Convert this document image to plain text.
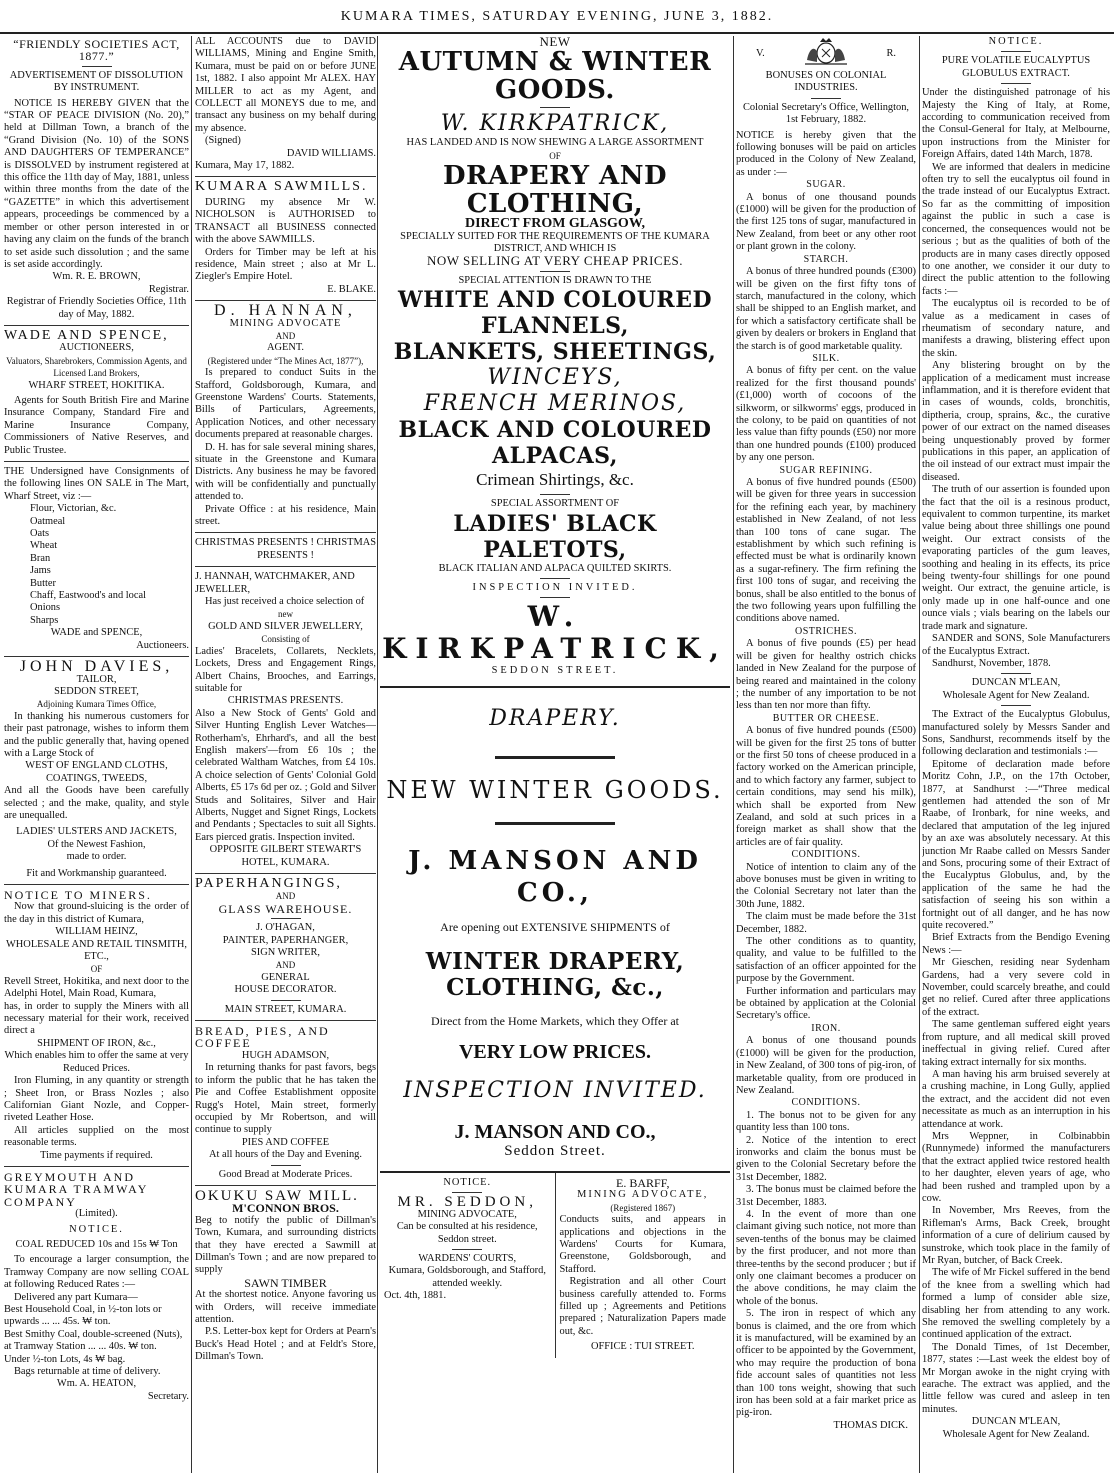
KUMARA TIMES, SATURDAY EVENING, JUNE 3, 1882.
“FRIENDLY SOCIETIES ACT, 1877.”
ADVERTISEMENT OF DISSOLUTION BY INSTRUMENT.
NOTICE IS HEREBY GIVEN that the “STAR OF PEACE DIVISION (No. 20),” held at Dillman Town, a branch of the “Grand Division (No. 10) of the SONS AND DAUGHTERS OF TEMPERANCE” is DISSOLVED by instrument registered at this office the 11th day of May, 1881, unless within three months from the date of the “GAZETTE” in which this advertisement appears, proceedings be commenced by a member or other person interested in or having any claim on the funds of the branch to set aside such dissolution ; and the same is set aside accordingly.
Wm. R. E. BROWN,
Registrar.
Registrar of Friendly Societies Office, 11th day of May, 1882.
WADE AND SPENCE,
AUCTIONEERS,
Valuators, Sharebrokers, Commission Agents, and
Licensed Land Brokers,
WHARF STREET, HOKITIKA.
Agents for South British Fire and Marine Insurance Company, Standard Fire and Marine Insurance Company, Commissioners of Native Reserves, and Public Trustee.
THE Undersigned have Consignments of the following lines ON SALE in The Mart, Wharf Street, viz :—
Flour, Victorian, &c.
Oatmeal
Oats
Wheat
Bran
Jams
Butter
Chaff, Eastwood's and local
Onions
Sharps
WADE and SPENCE,
Auctioneers.
JOHN DAVIES,
TAILOR,
SEDDON STREET,
Adjoining Kumara Times Office,
In thanking his numerous customers for their past patronage, wishes to inform them and the public generally that, having opened with a Large Stock of
WEST OF ENGLAND CLOTHS,
COATINGS, TWEEDS,
And all the Goods have been carefully selected ; and the make, quality, and style are unequalled.
LADIES' ULSTERS AND JACKETS,
Of the Newest Fashion,
made to order.
Fit and Workmanship guaranteed.
NOTICE TO MINERS.
Now that ground-sluicing is the order of the day in this district of Kumara,
WILLIAM HEINZ,
WHOLESALE AND RETAIL TINSMITH, ETC.,
OF
Revell Street, Hokitika, and next door to the Adelphi Hotel, Main Road, Kumara,
has, in order to supply the Miners with all necessary material for their work, received direct a
SHIPMENT OF IRON, &c.,
Which enables him to offer the same at very Reduced Prices.
Iron Fluming, in any quantity or strength ; Sheet Iron, or Brass Nozles ; also Californian Giant Nozle, and Copper-riveted Leather Hose.
All articles supplied on the most reasonable terms.
Time payments if required.
GREYMOUTH AND KUMARA TRAMWAY COMPANY
(Limited).
NOTICE.
COAL REDUCED 10s and 15s ₩ Ton
To encourage a larger consumption, the Tramway Company are now selling COAL at following Reduced Rates :—
Delivered any part Kumara—
Best Household Coal, in ½-ton lots or upwards ... ... 45s. ₩ ton.
Best Smithy Coal, double-screened (Nuts), at Tramway Station ... ... 40s. ₩ ton.
Under ½-ton Lots, 4s ₩ bag.
Bags returnable at time of delivery.
Wm. A. HEATON,
Secretary.
ALL ACCOUNTS due to DAVID WILLIAMS, Mining and Engine Smith, Kumara, must be paid on or before JUNE 1st, 1882. I also appoint Mr ALEX. HAY MILLER to act as my Agent, and COLLECT all MONEYS due to me, and transact any business on my behalf during my absence.
(Signed)
DAVID WILLIAMS.
Kumara, May 17, 1882.
KUMARA SAWMILLS.
DURING my absence Mr W. NICHOLSON is AUTHORISED to TRANSACT all BUSINESS connected with the above SAWMILLS.
Orders for Timber may be left at his residence, Main street ; also at Mr L. Ziegler's Empire Hotel.
E. BLAKE.
D. HANNAN,
MINING ADVOCATE
AND
AGENT.
(Registered under “The Mines Act, 1877”),
Is prepared to conduct Suits in the Stafford, Goldsborough, Kumara, and Greenstone Wardens' Courts. Statements, Bills of Particulars, Agreements, Application Notices, and other necessary documents prepared at reasonable charges.
D. H. has for sale several mining shares, situate in the Greenstone and Kumara Districts. Any business he may be favored with will be confidentially and punctually attended to.
Private Office : at his residence, Main street.
CHRISTMAS PRESENTS ! CHRISTMAS PRESENTS !
J. HANNAH, WATCHMAKER, AND JEWELLER,
Has just received a choice selection of
new
GOLD AND SILVER JEWELLERY,
Consisting of
Ladies' Bracelets, Collarets, Necklets, Lockets, Dress and Engagement Rings, Albert Chains, Brooches, and Earrings, suitable for
CHRISTMAS PRESENTS.
Also a New Stock of Gents' Gold and Silver Hunting English Lever Watches—Rotherham's, Ehrhard's, and all the best English makers'—from £6 10s ; the celebrated Waltham Watches, from £4 10s. A choice selection of Gents' Colonial Gold Alberts, £5 17s 6d per oz. ; Gold and Silver Studs and Solitaires, Silver and Hair Alberts, Nugget and Signet Rings, Lockets and Pendants ; Spectacles to suit all Sights. Ears pierced gratis. Inspection invited.
OPPOSITE GILBERT STEWART'S HOTEL, KUMARA.
PAPERHANGINGS,
AND
GLASS WAREHOUSE.
J. O'HAGAN,
PAINTER, PAPERHANGER,
SIGN WRITER,
AND
GENERAL
HOUSE DECORATOR.
MAIN STREET, KUMARA.
BREAD, PIES, AND COFFEE
HUGH ADAMSON,
In returning thanks for past favors, begs to inform the public that he has taken the Pie and Coffee Establishment opposite Rugg's Hotel, Main street, formerly occupied by Mr Robertson, and will continue to supply
PIES AND COFFEE
At all hours of the Day and Evening.
Good Bread at Moderate Prices.
OKUKU SAW MILL.
M'CONNON BROS.
Beg to notify the public of Dillman's Town, Kumara, and surrounding districts that they have erected a Sawmill at Dillman's Town ; and are now prepared to supply
SAWN TIMBER
At the shortest notice. Anyone favoring us with Orders, will receive immediate attention.
P.S. Letter-box kept for Orders at Pearn's Buck's Head Hotel ; and at Feldt's Store, Dillman's Town.
NEW
AUTUMN & WINTER GOODS.
W. KIRKPATRICK,
HAS LANDED AND IS NOW SHEWING A LARGE ASSORTMENT
OF
DRAPERY AND CLOTHING,
DIRECT FROM GLASGOW,
SPECIALLY SUITED FOR THE REQUIREMENTS OF THE KUMARA DISTRICT, AND WHICH IS
NOW SELLING AT VERY CHEAP PRICES.
SPECIAL ATTENTION IS DRAWN TO THE
WHITE AND COLOURED FLANNELS,
BLANKETS, SHEETINGS,
WINCEYS,
FRENCH MERINOS,
BLACK AND COLOURED ALPACAS,
Crimean Shirtings, &c.
SPECIAL ASSORTMENT OF
LADIES' BLACK PALETOTS,
BLACK ITALIAN AND ALPACA QUILTED SKIRTS.
INSPECTION INVITED.
W. KIRKPATRICK,
SEDDON STREET.
DRAPERY.
NEW WINTER GOODS.
J. MANSON AND CO.,
Are opening out EXTENSIVE SHIPMENTS of
WINTER DRAPERY, CLOTHING, &c.,
Direct from the Home Markets, which they Offer at
VERY LOW PRICES.
INSPECTION INVITED.
J. MANSON AND CO.,
Seddon Street.
NOTICE.
MR. SEDDON,
MINING ADVOCATE,
Can be consulted at his residence, Seddon street.
WARDENS' COURTS,
Kumara, Goldsborough, and Stafford, attended weekly.
Oct. 4th, 1881.
E. BARFF,
MINING ADVOCATE,
(Registered 1867)
Conducts suits, and appears in applications and objections in the Wardens' Courts for Kumara, Greenstone, Goldsborough, and Stafford.
Registration and all other Court business carefully attended to. Forms filled up ; Agreements and Petitions prepared ; Naturalization Papers made out, &c.
OFFICE : TUI STREET.
V.	R.
BONUSES ON COLONIAL INDUSTRIES.
Colonial Secretary's Office, Wellington, 1st February, 1882.
NOTICE is hereby given that the following bonuses will be paid on articles produced in the Colony of New Zealand, as under :—
SUGAR.
A bonus of one thousand pounds (£1000) will be given for the production of the first 125 tons of sugar, manufactured in New Zealand, from beet or any other root or plant grown in the colony.
STARCH.
A bonus of three hundred pounds (£300) will be given on the first fifty tons of starch, manufactured in the colony, which shall be shipped to an English market, and for which a satisfactory certificate shall be given by dealers or brokers in England that the starch is of good marketable quality.
SILK.
A bonus of fifty per cent. on the value realized for the first thousand pounds' (£1,000) worth of cocoons of the silkworm, or silkworms' eggs, produced in the colony, to be paid on quantities of not less value than fifty pounds (£50) nor more than one hundred pounds (£100) produced by any one person.
SUGAR REFINING.
A bonus of five hundred pounds (£500) will be given for three years in succession for the refining each year, by machinery established in New Zealand, of not less than 100 tons of cane sugar. The establishment by which such refining is effected must be what is ordinarily known as a sugar-refinery. The firm refining the first 100 tons of sugar, and receiving the bonus, shall be also entitled to the bonus of the two following years upon fulfilling the conditions above named.
OSTRICHES.
A bonus of five pounds (£5) per head will be given for healthy ostrich chicks landed in New Zealand for the purpose of being reared and maintained in the colony ; the number of any importation to be not less than ten nor more than fifty.
BUTTER OR CHEESE.
A bonus of five hundred pounds (£500) will be given for the first 25 tons of butter or the first 50 tons of cheese produced in a factory worked on the American principle, and to which factory any farmer, subject to certain conditions, may send his milk), which shall be exported from New Zealand, and sold at such prices in a foreign market as shall show that the articles are of fair quality.
CONDITIONS.
Notice of intention to claim any of the above bonuses must be given in writing to the Colonial Secretary not later than the 30th June, 1882.
The claim must be made before the 31st December, 1882.
The other conditions as to quantity, quality, and value to be fulfilled to the satisfaction of an officer appointed for the purpose by the Government.
Further information and particulars may be obtained by application at the Colonial Secretary's office.
IRON.
A bonus of one thousand pounds (£1000) will be given for the production, in New Zealand, of 300 tons of pig-iron, of marketable quality, from ore produced in New Zealand.
CONDITIONS.
1. The bonus not to be given for any quantity less than 100 tons.
2. Notice of the intention to erect ironworks and claim the bonus must be given to the Colonial Secretary before the 31st December, 1882.
3. The bonus must be claimed before the 31st December, 1883.
4. In the event of more than one claimant giving such notice, not more than seven-tenths of the bonus may be claimed by the first producer, and not more than three-tenths by the second producer ; but if only one claimant becomes a producer on the above conditions, he may claim the whole of the bonus.
5. The iron in respect of which any bonus is claimed, and the ore from which it is manufactured, will be examined by an officer to be appointed by the Government, who may require the production of bona fide account sales of quantities not less than 100 tons weight, showing that such iron has been sold at a fair market price as pig-iron.
THOMAS DICK.
NOTICE.
PURE VOLATILE EUCALYPTUS GLOBULUS EXTRACT.
Under the distinguished patronage of his Majesty the King of Italy, at Rome, according to communication received from the Consul-General for Italy, at Melbourne, upon instructions from the Minister for Foreign Affairs, dated 14th March, 1878.
We are informed that dealers in medicine often try to sell the eucalyptus oil found in the trade instead of our Eucalyptus Extract. So far as the committing of imposition against the public in such a case is concerned, the consequences would not be serious ; but as the qualities of both of the products are in many cases directly opposed to one another, we consider it our duty to direct the public attention to the following facts :—
The eucalyptus oil is recorded to be of value as a medicament in cases of rheumatism of secondary nature, and manifests a drawing, blistering effect upon the skin.
Any blistering brought on by the application of a medicament must increase inflammation, and it is therefore evident that in cases of wounds, colds, bronchitis, diptheria, croup, sprains, &c., the curative power of our extract on the named diseases being unquestionably proved by former publications in this paper, an application of the oil instead of our extract must impair the diseased.
The truth of our assertion is founded upon the fact that the oil is a resinous product, equivalent to common turpentine, its market value being about three shillings one pound weight. Our extract consists of the evaporating particles of the gum leaves, soothing and healing in its effects, its price being twenty-four shillings for one pound weight. Our extract, the genuine article, is only made up in one half-ounce and one ounce vials ; vials bearing on the labels our trade mark and signature.
SANDER and SONS, Sole Manufacturers of the Eucalyptus Extract.
Sandhurst, November, 1878.
DUNCAN M'LEAN,
Wholesale Agent for New Zealand.
The Extract of the Eucalyptus Globulus, manufactured solely by Messrs Sander and Sons, Sandhurst, recommends itself by the following declaration and testimonials :—
Epitome of declaration made before Moritz Cohn, J.P., on the 17th October, 1877, at Sandhurst :—“Three medical gentlemen had attended the son of Mr Raabe, of Ironbark, for nine weeks, and declared that amputation of the leg injured by an axe was absolutely necessary. At this junction Mr Raabe called on Messrs Sander and Sons, procuring some of their Extract of the Eucalyptus Globulus, and, by the application of the same he had the satisfaction of seeing his son within a fortnight out of all danger, and he has now quite recovered.”
Brief Extracts from the Bendigo Evening News :—
Mr Gieschen, residing near Sydenham Gardens, had a very severe cold in November, could scarcely breathe, and could get no relief. Cured after three applications of the extract.
The same gentleman suffered eight years from rupture, and all medical skill proved ineffectual in giving relief. Cured after taking extract internally for six months.
A man having his arm bruised severely at a crushing machine, in Long Gully, applied the extract, and the accident did not even necessitate as much as an interruption in his attendance at work.
Mrs Weppner, in Colbinabbin (Runnymede) informed the manufacturers that the extract applied twice restored health to her daughter, eleven years of age, who had been rushed and trampled upon by a cow.
In November, Mrs Reeves, from the Rifleman's Arms, Back Creek, brought information of a cure of delirium caused by sunstroke, which took place in the family of Mr Ryan, butcher, of Back Creek.
The wife of Mr Fickel suffered in the bend of the knee from a swelling which had formed a lump of consider able size, disabling her from attending to any work. She removed the swelling completely by a continued application of the extract.
The Donald Times, of 1st December, 1877, states :—Last week the eldest boy of Mr Morgan awoke in the night crying with earache. The extract was applied, and the little fellow was cured and asleep in ten minutes.
DUNCAN M'LEAN,
Wholesale Agent for New Zealand.
